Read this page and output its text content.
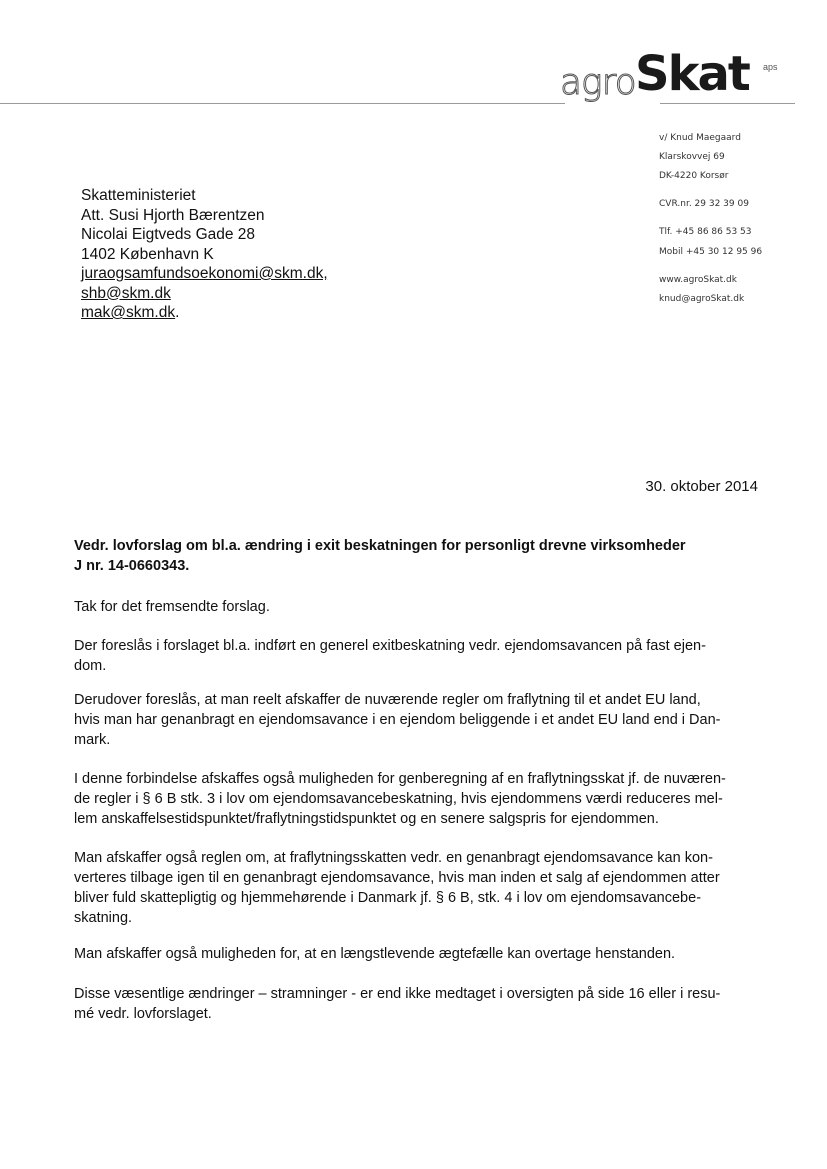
agro Skat aps
v/ Knud Maegaard
Klarskovvej 69
DK-4220 Korsør
CVR.nr. 29 32 39 09
Tlf. +45 86 86 53 53
Mobil +45 30 12 95 96
www.agroSkat.dk
knud@agroSkat.dk
Skatteministeriet
Att. Susi Hjorth Bærentzen
Nicolai Eigtveds Gade 28
1402 København K
juraogsamfundsoekonomi@skm.dk,
shb@skm.dk
mak@skm.dk.
30. oktober 2014
Vedr. lovforslag om bl.a. ændring i exit beskatningen for personligt drevne virksomheder
J nr. 14-0660343.
Tak for det fremsendte forslag.
Der foreslås i forslaget bl.a. indført en generel exitbeskatning vedr. ejendomsavancen på fast ejen-
dom.
Derudover foreslås, at man reelt afskaffer de nuværende regler om fraflytning til et andet EU land,
hvis man har genanbragt en ejendomsavance i en ejendom beliggende i et andet EU land end i Dan-
mark.
I denne forbindelse afskaffes også muligheden for genberegning af en fraflytningsskat jf. de nuværen-
de regler i § 6 B stk. 3 i lov om ejendomsavancebeskatning, hvis ejendommens værdi reduceres mel-
lem anskaffelsestidspunktet/fraflytningstidspunktet og en senere salgspris for ejendommen.
Man afskaffer også reglen om, at fraflytningsskatten vedr. en genanbragt ejendomsavance kan kon-
verteres tilbage igen til en genanbragt ejendomsavance, hvis man inden et salg af ejendommen atter
bliver fuld skattepligtig og hjemmehørende i Danmark jf. § 6 B, stk. 4 i lov om ejendomsavancebe-
skatning.
Man afskaffer også muligheden for, at en længstlevende ægtefælle kan overtage henstanden.
Disse væsentlige ændringer – stramninger - er end ikke medtaget i oversigten på side 16 eller i resu-
mé vedr. lovforslaget.
